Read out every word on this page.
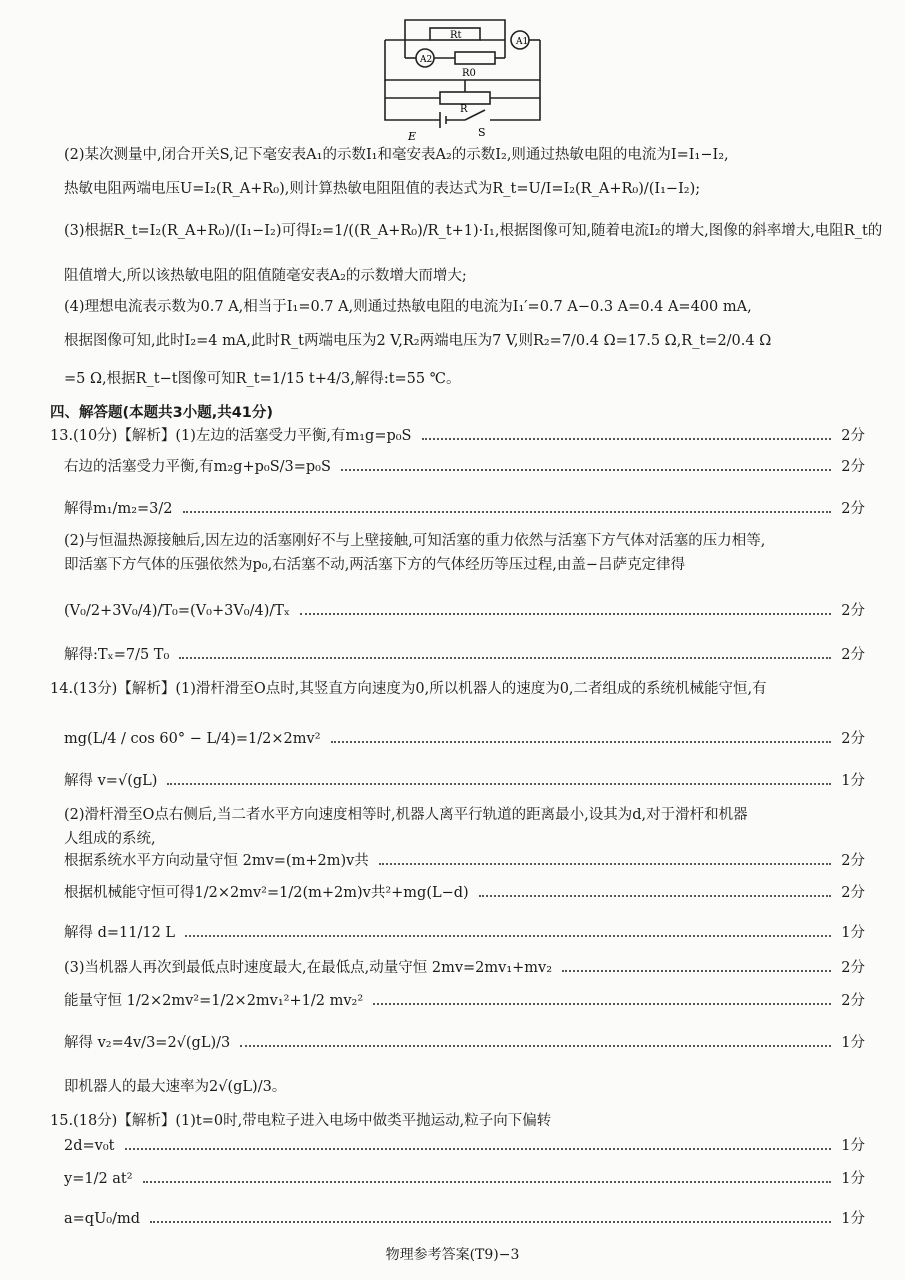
Rt
A1
A2
R0
R
E	S
(2)某次测量中,闭合开关S,记下毫安表A₁的示数I₁和毫安表A₂的示数I₂,则通过热敏电阻的电流为I=I₁−I₂,
热敏电阻两端电压U=I₂(R_A+R₀),则计算热敏电阻阻值的表达式为R_t=U/I=I₂(R_A+R₀)/(I₁−I₂);
(3)根据R_t=I₂(R_A+R₀)/(I₁−I₂)可得I₂=1/((R_A+R₀)/R_t+1)·I₁,根据图像可知,随着电流I₂的增大,图像的斜率增大,电阻R_t的
阻值增大,所以该热敏电阻的阻值随毫安表A₂的示数增大而增大;
(4)理想电流表示数为0.7 A,相当于I₁=0.7 A,则通过热敏电阻的电流为I₁′=0.7 A−0.3 A=0.4 A=400 mA,
根据图像可知,此时I₂=4 mA,此时R_t两端电压为2 V,R₂两端电压为7 V,则R₂=7/0.4 Ω=17.5 Ω,R_t=2/0.4 Ω
=5 Ω,根据R_t−t图像可知R_t=1/15 t+4/3,解得:t=55 ℃。
四、解答题(本题共3小题,共41分)
13.(10分)【解析】(1)左边的活塞受力平衡,有m₁g=p₀S	2分
右边的活塞受力平衡,有m₂g+p₀S/3=p₀S	2分
解得m₁/m₂=3/2	2分
(2)与恒温热源接触后,因左边的活塞刚好不与上壁接触,可知活塞的重力依然与活塞下方气体对活塞的压力相等,
即活塞下方气体的压强依然为p₀,右活塞不动,两活塞下方的气体经历等压过程,由盖−吕萨克定律得
(V₀/2+3V₀/4)/T₀=(V₀+3V₀/4)/Tₓ	2分
解得:Tₓ=7/5 T₀	2分
14.(13分)【解析】(1)滑杆滑至O点时,其竖直方向速度为0,所以机器人的速度为0,二者组成的系统机械能守恒,有
mg(L/4 / cos 60° − L/4)=1/2×2mv²	2分
解得 v=√(gL)	1分
(2)滑杆滑至O点右侧后,当二者水平方向速度相等时,机器人离平行轨道的距离最小,设其为d,对于滑杆和机器
人组成的系统,
根据系统水平方向动量守恒 2mv=(m+2m)v共	2分
根据机械能守恒可得1/2×2mv²=1/2(m+2m)v共²+mg(L−d)	2分
解得 d=11/12 L	1分
(3)当机器人再次到最低点时速度最大,在最低点,动量守恒 2mv=2mv₁+mv₂	2分
能量守恒 1/2×2mv²=1/2×2mv₁²+1/2 mv₂²	2分
解得 v₂=4v/3=2√(gL)/3	1分
即机器人的最大速率为2√(gL)/3。
15.(18分)【解析】(1)t=0时,带电粒子进入电场中做类平抛运动,粒子向下偏转
2d=v₀t	1分
y=1/2 at²	1分
a=qU₀/md	1分
物理参考答案(T9)−3
